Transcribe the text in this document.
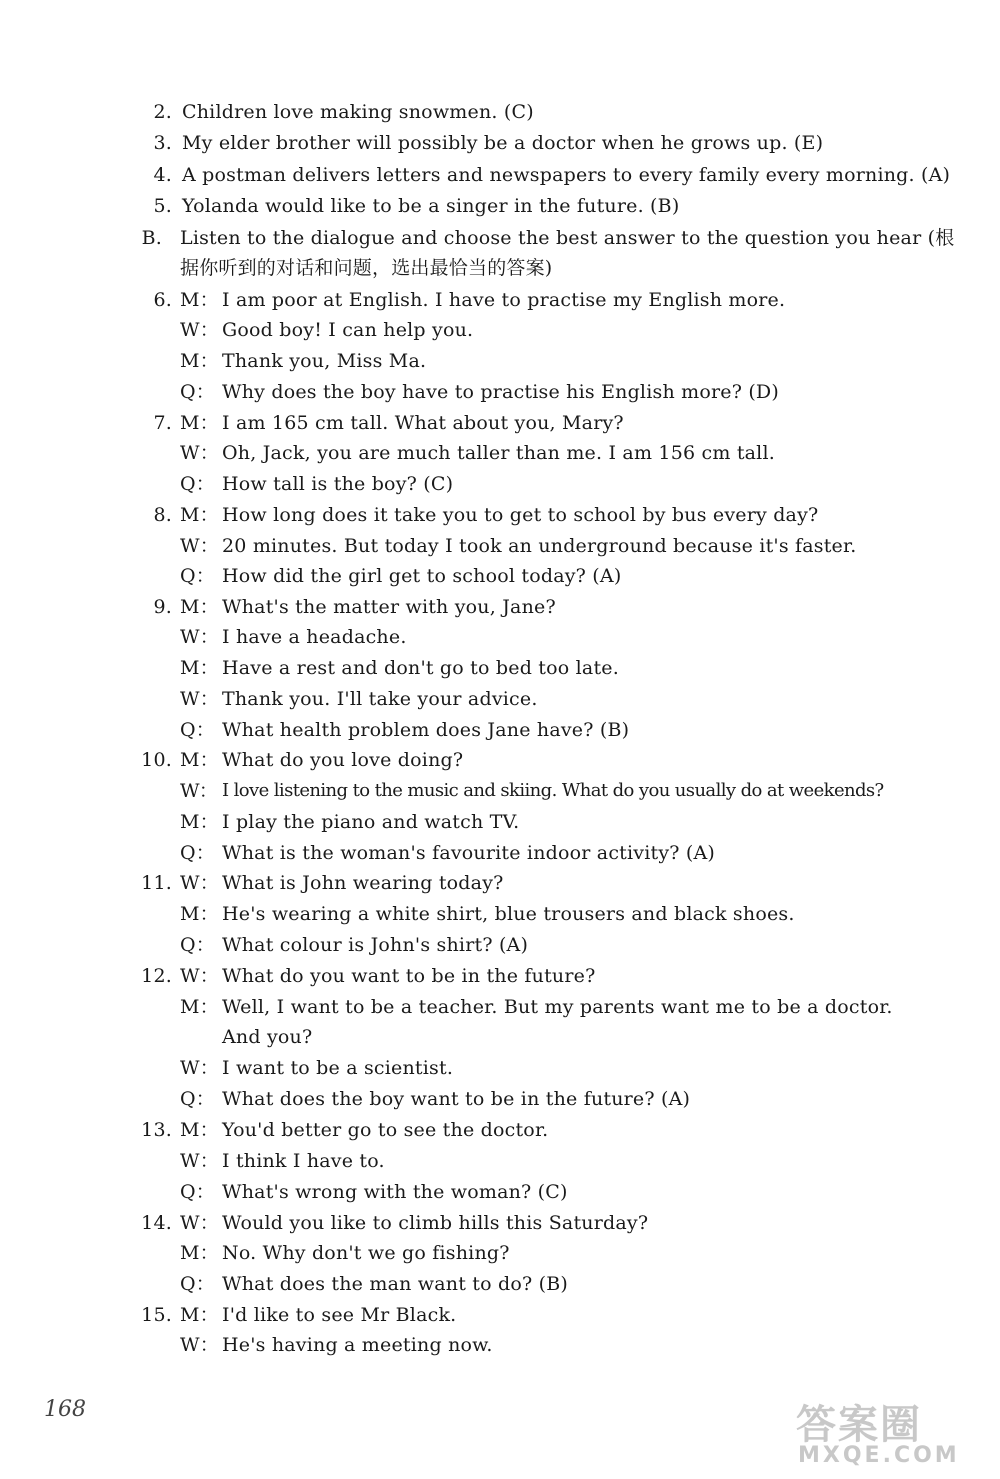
2. Children love making snowmen. (C)
3. My elder brother will possibly be a doctor when he grows up. (E)
4. A postman delivers letters and newspapers to every family every morning. (A)
5. Yolanda would like to be a singer in the future. (B)
B. Listen to the dialogue and choose the best answer to the question you hear (根
据你听到的对话和问题，选出最恰当的答案)
6. M： I am poor at English. I have to practise my English more.
W： Good boy! I can help you.
M： Thank you, Miss Ma.
Q： Why does the boy have to practise his English more? (D)
7. M： I am 165 cm tall. What about you, Mary?
W： Oh, Jack, you are much taller than me. I am 156 cm tall.
Q： How tall is the boy? (C)
8. M： How long does it take you to get to school by bus every day?
W： 20 minutes. But today I took an underground because it's faster.
Q： How did the girl get to school today? (A)
9. M： What's the matter with you, Jane?
W： I have a headache.
M： Have a rest and don't go to bed too late.
W： Thank you. I'll take your advice.
Q： What health problem does Jane have? (B)
10. M： What do you love doing?
W： I love listening to the music and skiing. What do you usually do at weekends?
M： I play the piano and watch TV.
Q： What is the woman's favourite indoor activity? (A)
11. W： What is John wearing today?
M： He's wearing a white shirt, blue trousers and black shoes.
Q： What colour is John's shirt? (A)
12. W： What do you want to be in the future?
M： Well, I want to be a teacher. But my parents want me to be a doctor.
And you?
W： I want to be a scientist.
Q： What does the boy want to be in the future? (A)
13. M： You'd better go to see the doctor.
W： I think I have to.
Q： What's wrong with the woman? (C)
14. W： Would you like to climb hills this Saturday?
M： No. Why don't we go fishing?
Q： What does the man want to do? (B)
15. M： I'd like to see Mr Black.
W： He's having a meeting now.
168	答案圈
MXQE.COM
